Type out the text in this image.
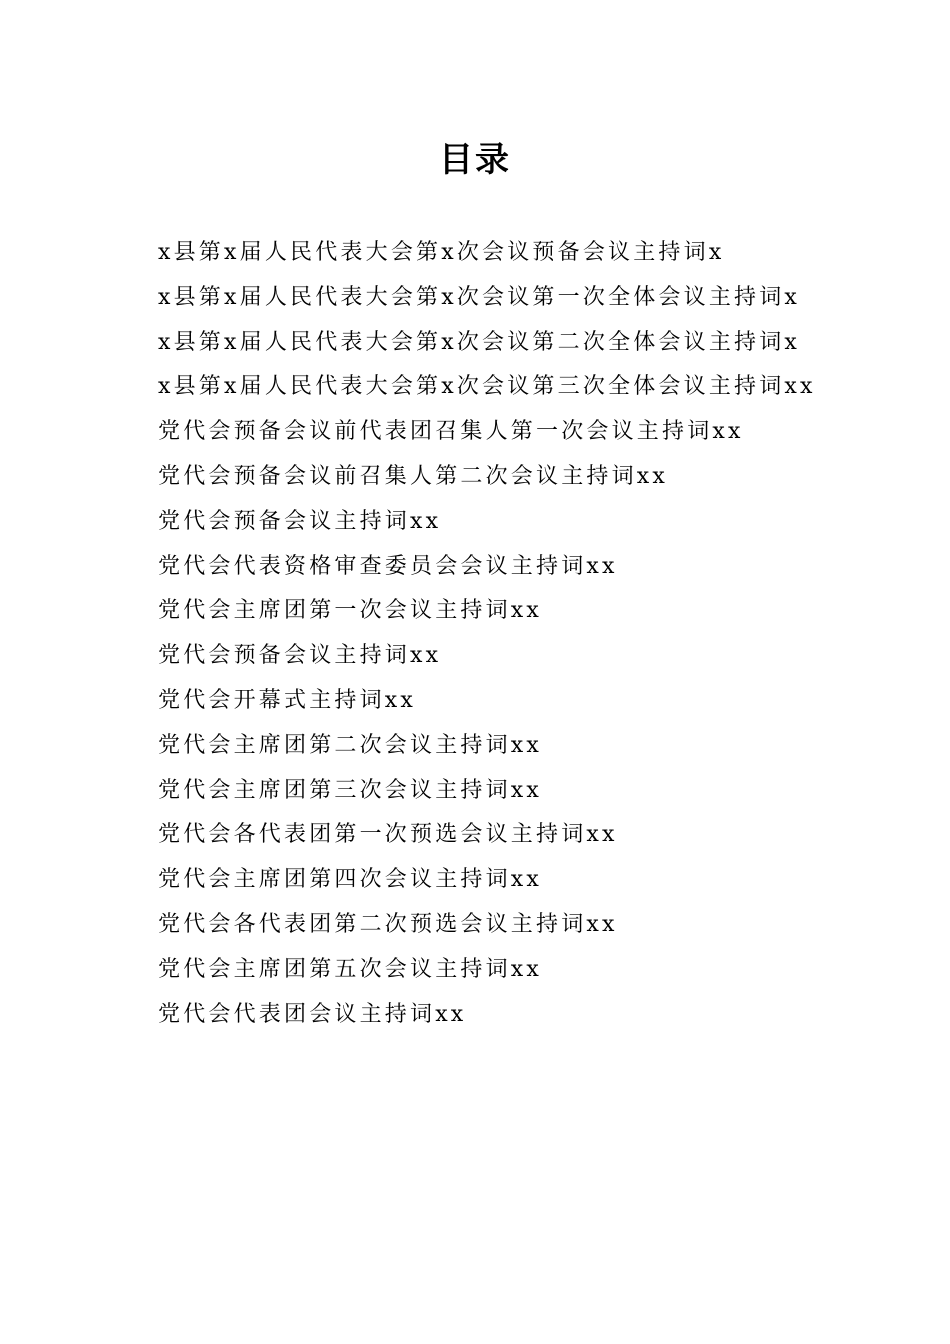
目录
x县第x届人民代表大会第x次会议预备会议主持词x
x县第x届人民代表大会第x次会议第一次全体会议主持词x
x县第x届人民代表大会第x次会议第二次全体会议主持词x
x县第x届人民代表大会第x次会议第三次全体会议主持词xx
党代会预备会议前代表团召集人第一次会议主持词xx
党代会预备会议前召集人第二次会议主持词xx
党代会预备会议主持词xx
党代会代表资格审查委员会会议主持词xx
党代会主席团第一次会议主持词xx
党代会预备会议主持词xx
党代会开幕式主持词xx
党代会主席团第二次会议主持词xx
党代会主席团第三次会议主持词xx
党代会各代表团第一次预选会议主持词xx
党代会主席团第四次会议主持词xx
党代会各代表团第二次预选会议主持词xx
党代会主席团第五次会议主持词xx
党代会代表团会议主持词xx
